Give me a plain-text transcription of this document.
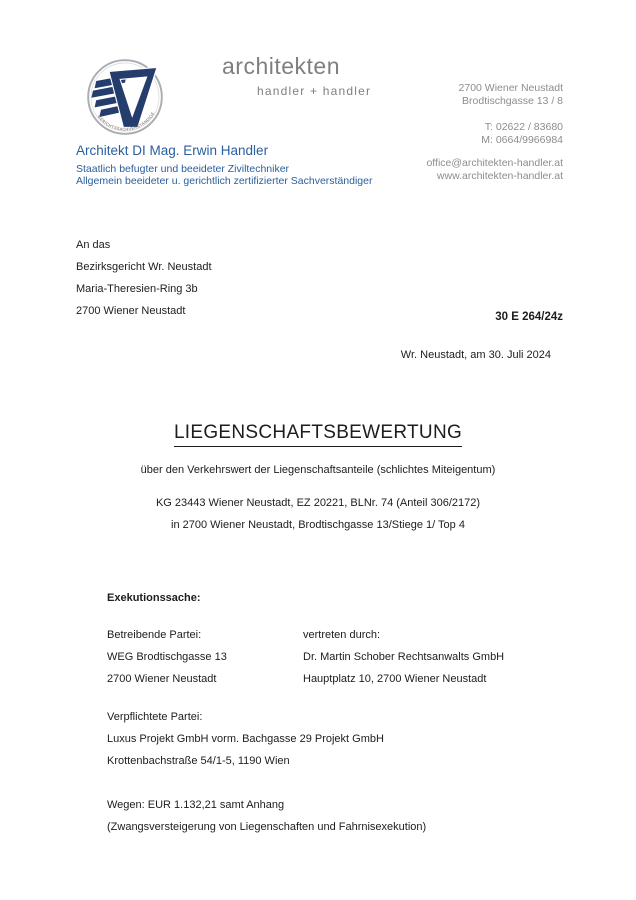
GERICHTSSACHVERSTÄNDIGE
architekten
handler + handler	2700 Wiener Neustadt
Brodtischgasse 13 / 8
T: 02622 / 83680
M: 0664/9966984
office@architekten-handler.at
www.architekten-handler.at
Architekt DI Mag. Erwin Handler
Staatlich befugter und beeideter Ziviltechniker
Allgemein beeideter u. gerichtlich zertifizierter Sachverständiger
An das
Bezirksgericht Wr. Neustadt
Maria-Theresien-Ring 3b
2700 Wiener Neustadt	30 E 264/24z
Wr. Neustadt, am 30. Juli 2024
LIEGENSCHAFTSBEWERTUNG
über den Verkehrswert der Liegenschaftsanteile (schlichtes Miteigentum)
KG 23443 Wiener Neustadt, EZ 20221, BLNr. 74 (Anteil 306/2172)
in 2700 Wiener Neustadt, Brodtischgasse 13/Stiege 1/ Top 4
Exekutionssache:
Betreibende Partei:
WEG Brodtischgasse 13
2700 Wiener Neustadt
vertreten durch:
Dr. Martin Schober Rechtsanwalts GmbH
Hauptplatz 10, 2700 Wiener Neustadt
Verpflichtete Partei:
Luxus Projekt GmbH vorm. Bachgasse 29 Projekt GmbH
Krottenbachstraße 54/1-5, 1190 Wien
Wegen: EUR 1.132,21 samt Anhang
(Zwangsversteigerung von Liegenschaften und Fahrnisexekution)
